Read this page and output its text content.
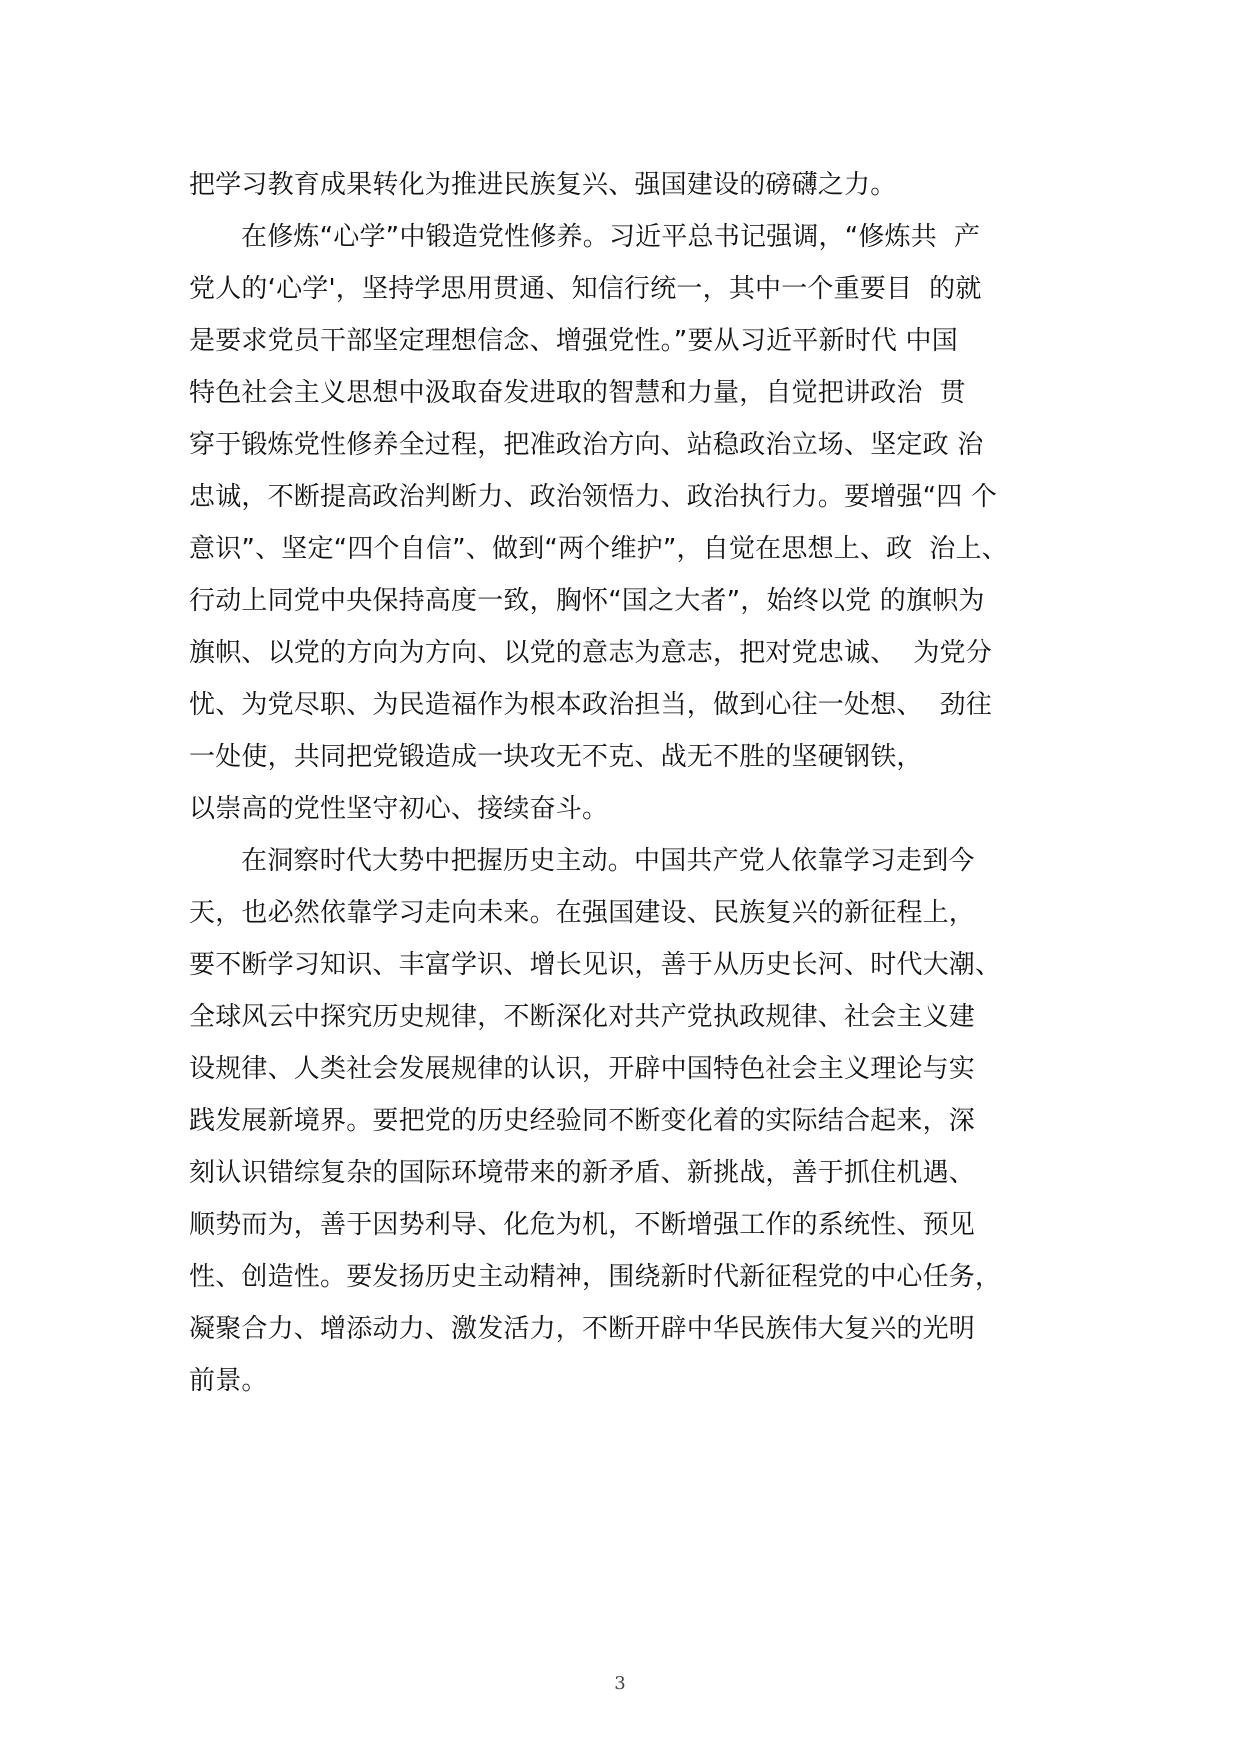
把学习教育成果转化为推进民族复兴、强国建设的磅礴之力。
在修炼“心学”中锻造党性修养。习近平总书记强调，“修炼共  产
党人的‘心学'，坚持学思用贯通、知信行统一，其中一个重要目  的就
是要求党员干部坚定理想信念、增强党性。”要从习近平新时代 中国
特色社会主义思想中汲取奋发进取的智慧和力量，自觉把讲政治  贯
穿于锻炼党性修养全过程，把准政治方向、站稳政治立场、坚定政 治
忠诚，不断提高政治判断力、政治领悟力、政治执行力。要增强“四 个
意识”、坚定“四个自信”、做到“两个维护”，自觉在思想上、政  治上、
行动上同党中央保持高度一致，胸怀“国之大者”，始终以党 的旗帜为
旗帜、以党的方向为方向、以党的意志为意志，把对党忠诚、  为党分
忧、为党尽职、为民造福作为根本政治担当，做到心往一处想、  劲往
一处使，共同把党锻造成一块攻无不克、战无不胜的坚硬钢铁，
以崇高的党性坚守初心、接续奋斗。
在洞察时代大势中把握历史主动。中国共产党人依靠学习走到今
天，也必然依靠学习走向未来。在强国建设、民族复兴的新征程上，
要不断学习知识、丰富学识、增长见识，善于从历史长河、时代大潮、
全球风云中探究历史规律，不断深化对共产党执政规律、社会主义建
设规律、人类社会发展规律的认识，开辟中国特色社会主义理论与实
践发展新境界。要把党的历史经验同不断变化着的实际结合起来，深
刻认识错综复杂的国际环境带来的新矛盾、新挑战，善于抓住机遇、
顺势而为，善于因势利导、化危为机，不断增强工作的系统性、预见
性、创造性。要发扬历史主动精神，围绕新时代新征程党的中心任务，
凝聚合力、增添动力、激发活力，不断开辟中华民族伟大复兴的光明
前景。
3
